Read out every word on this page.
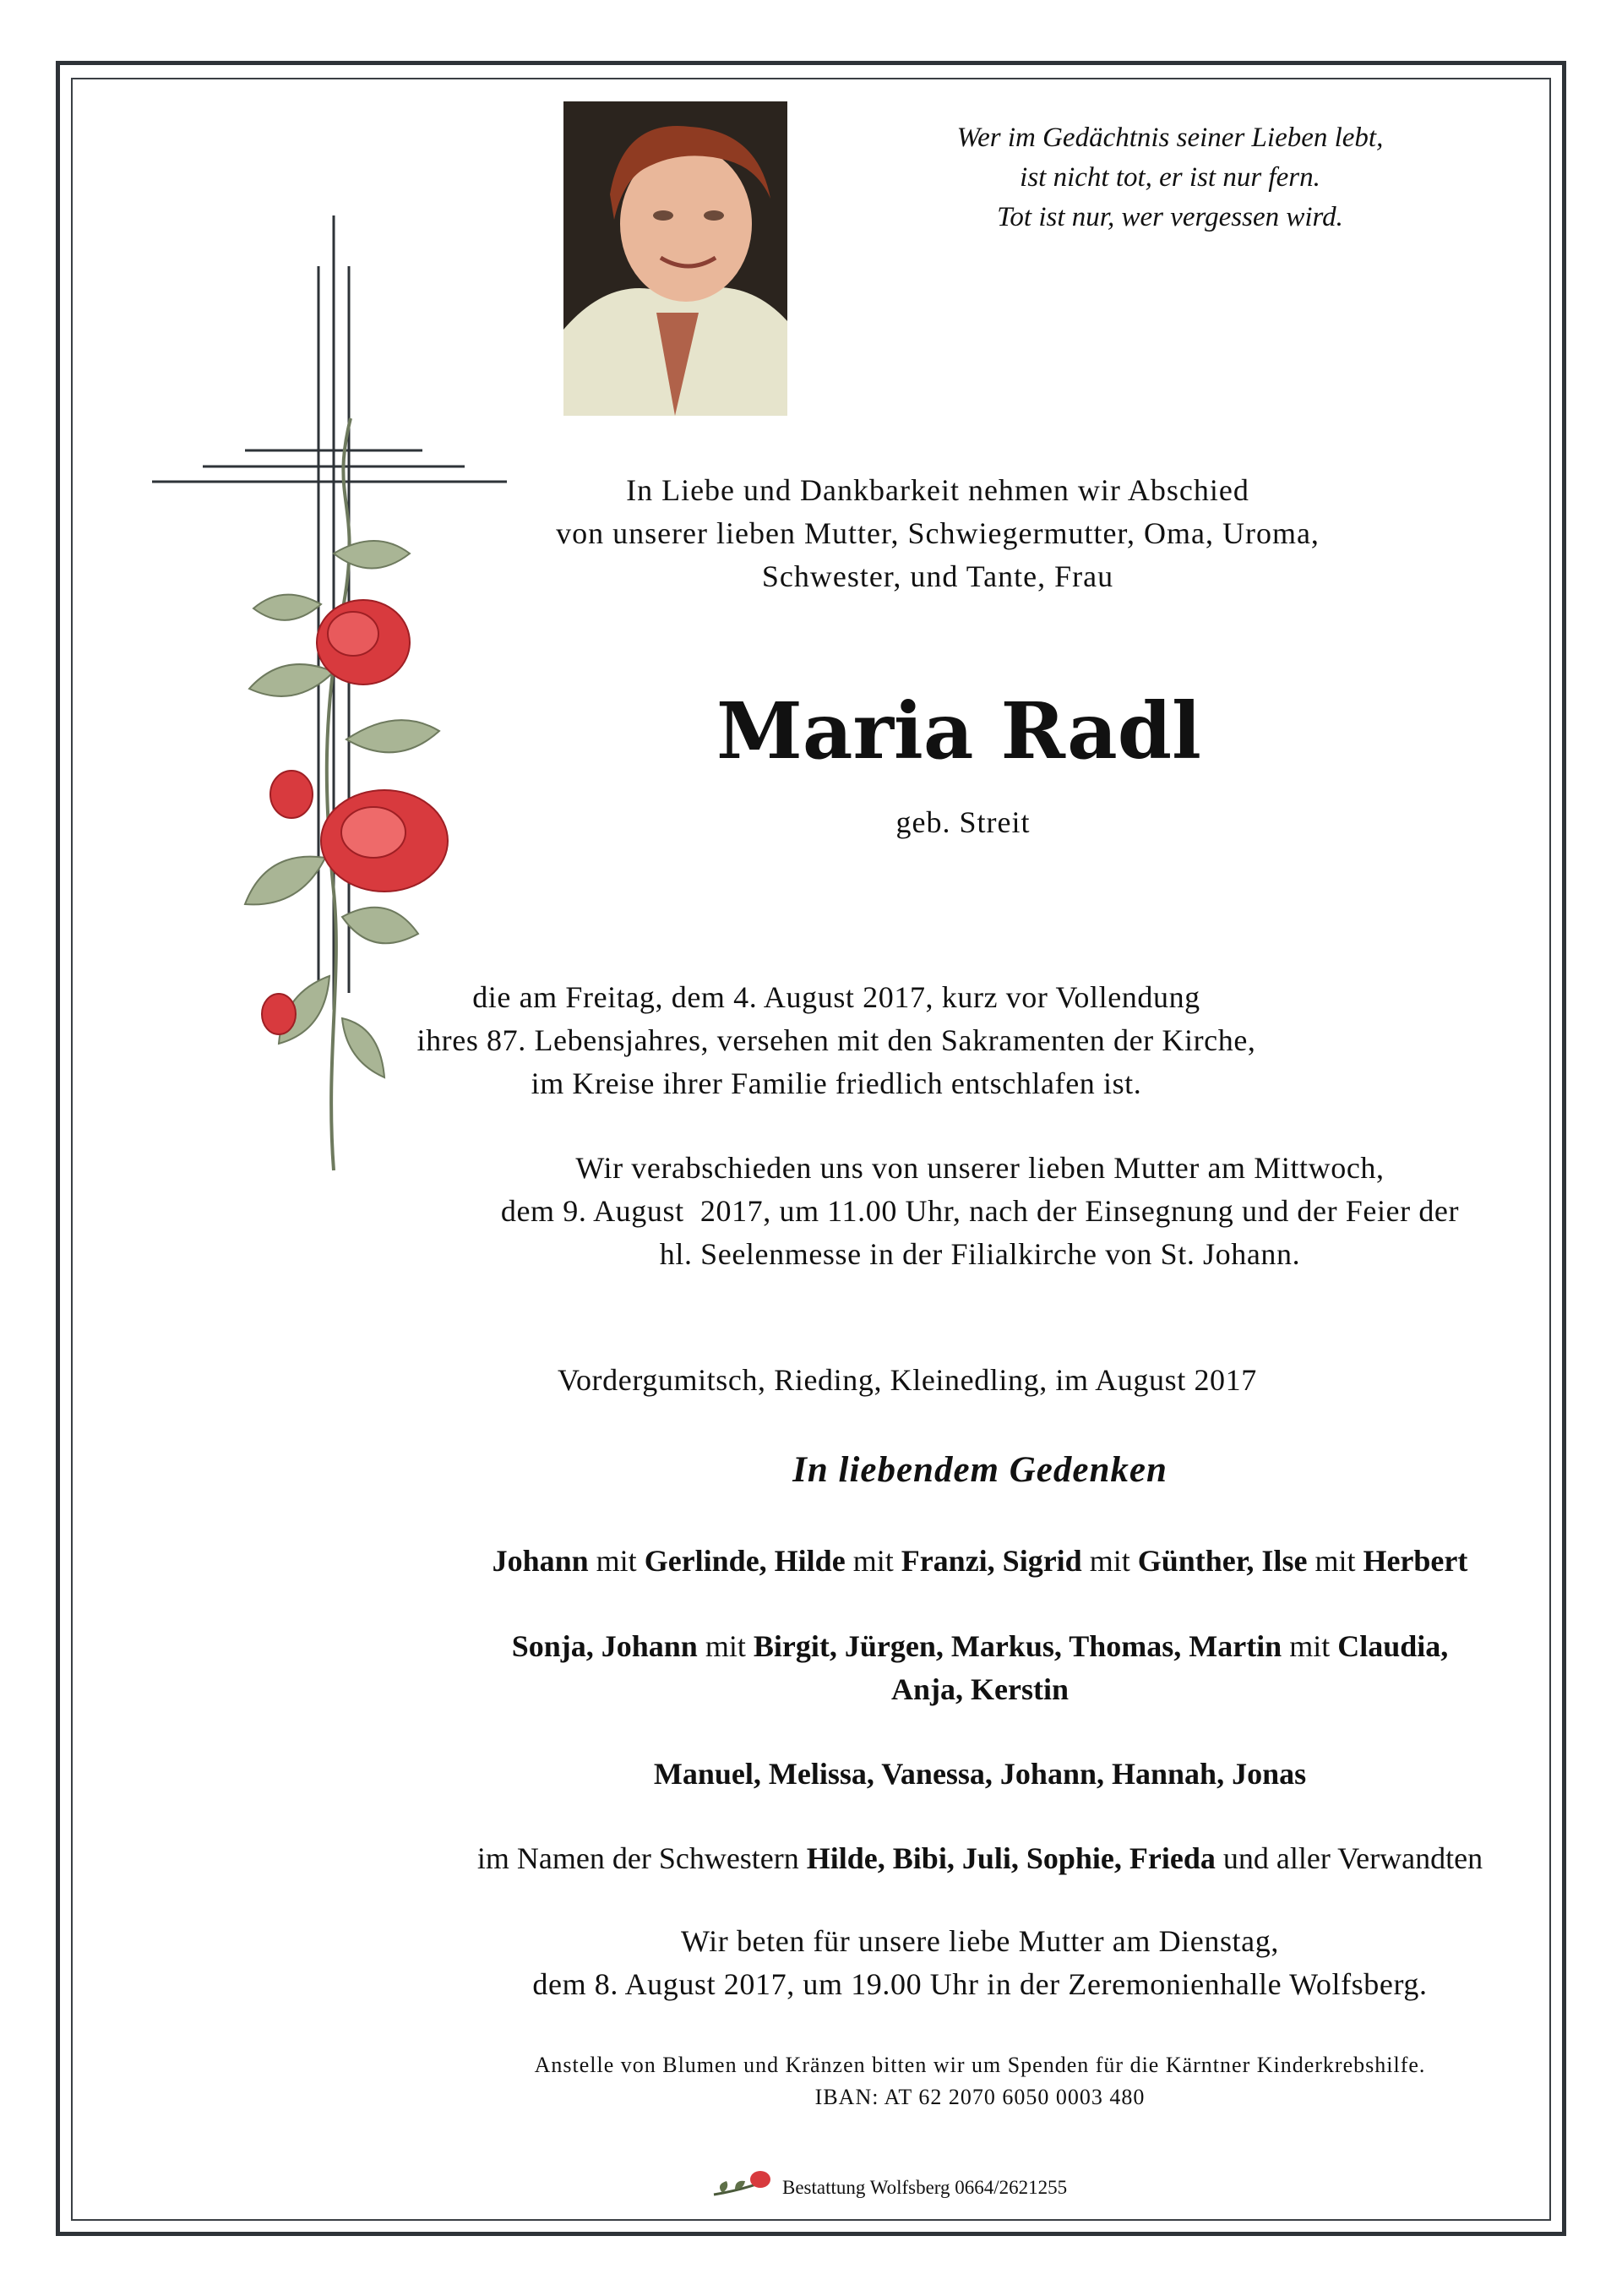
Wer im Gedächtnis seiner Lieben lebt,
ist nicht tot, er ist nur fern.
Tot ist nur, wer vergessen wird.
In Liebe und Dankbarkeit nehmen wir Abschied
von unserer lieben Mutter, Schwiegermutter, Oma, Uroma,
Schwester, und Tante, Frau
Maria Radl
geb. Streit
die am Freitag, dem 4. August 2017, kurz vor Vollendung
ihres 87. Lebensjahres, versehen mit den Sakramenten der Kirche,
im Kreise ihrer Familie friedlich entschlafen ist.
Wir verabschieden uns von unserer lieben Mutter am Mittwoch,
dem 9. August  2017, um 11.00 Uhr, nach der Einsegnung und der Feier der
hl. Seelenmesse in der Filialkirche von St. Johann.
Vordergumitsch, Rieding, Kleinedling, im August 2017
In liebendem Gedenken
Johann mit Gerlinde, Hilde mit Franzi, Sigrid mit Günther, Ilse mit Herbert
Sonja, Johann mit Birgit, Jürgen, Markus, Thomas, Martin mit Claudia,
Anja, Kerstin
Manuel, Melissa, Vanessa, Johann, Hannah, Jonas
im Namen der Schwestern Hilde, Bibi, Juli, Sophie, Frieda und aller Verwandten
Wir beten für unsere liebe Mutter am Dienstag,
dem 8. August 2017, um 19.00 Uhr in der Zeremonienhalle Wolfsberg.
Anstelle von Blumen und Kränzen bitten wir um Spenden für die Kärntner Kinderkrebshilfe.
IBAN: AT 62 2070 6050 0003 480
Bestattung Wolfsberg 0664/2621255
